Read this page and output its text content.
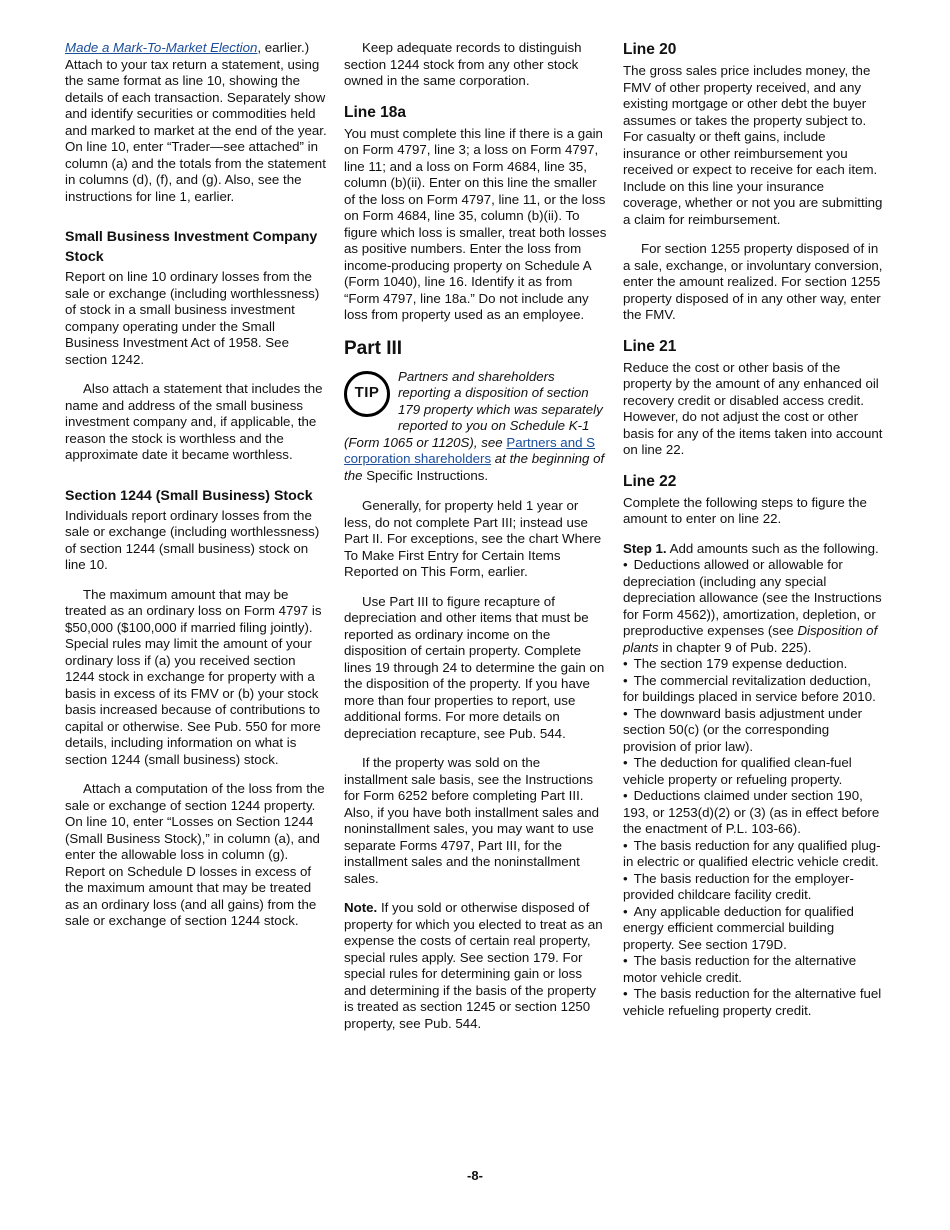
Made a Mark-To-Market Election, earlier.) Attach to your tax return a statement, using the same format as line 10, showing the details of each transaction. Separately show and identify securities or commodities held and marked to market at the end of the year. On line 10, enter “Trader—see attached” in column (a) and the totals from the statement in columns (d), (f), and (g). Also, see the instructions for line 1, earlier.

Small Business Investment Company Stock

Report on line 10 ordinary losses from the sale or exchange (including worthlessness) of stock in a small business investment company operating under the Small Business Investment Act of 1958. See section 1242.

Also attach a statement that includes the name and address of the small business investment company and, if applicable, the reason the stock is worthless and the approximate date it became worthless.

Section 1244 (Small Business) Stock

Individuals report ordinary losses from the sale or exchange (including worthlessness) of section 1244 (small business) stock on line 10.

The maximum amount that may be treated as an ordinary loss on Form 4797 is $50,000 ($100,000 if married filing jointly). Special rules may limit the amount of your ordinary loss if (a) you received section 1244 stock in exchange for property with a basis in excess of its FMV or (b) your stock basis increased because of contributions to capital or otherwise. See Pub. 550 for more details, including information on what is section 1244 (small business) stock.

Attach a computation of the loss from the sale or exchange of section 1244 property. On line 10, enter “Losses on Section 1244 (Small Business Stock),” in column (a), and enter the allowable loss in column (g). Report on Schedule D losses in excess of the maximum amount that may be treated as an ordinary loss (and all gains) from the sale or exchange of section 1244 stock.

Keep adequate records to distinguish section 1244 stock from any other stock owned in the same corporation.

Line 18a

You must complete this line if there is a gain on Form 4797, line 3; a loss on Form 4797, line 11; and a loss on Form 4684, line 35, column (b)(ii). Enter on this line the smaller of the loss on Form 4797, line 11, or the loss on Form 4684, line 35, column (b)(ii). To figure which loss is smaller, treat both losses as positive numbers. Enter the loss from income-producing property on Schedule A (Form 1040), line 16. Identify it as from “Form 4797, line 18a.” Do not include any loss from property used as an employee.

Part III
TIP
Partners and shareholders reporting a disposition of section 179 property which was separately reported to you on Schedule K-1 (Form 1065 or 1120S), see Partners and S corporation shareholders at the beginning of the Specific Instructions.

Generally, for property held 1 year or less, do not complete Part III; instead use Part II. For exceptions, see the chart Where To Make First Entry for Certain Items Reported on This Form, earlier.

Use Part III to figure recapture of depreciation and other items that must be reported as ordinary income on the disposition of certain property. Complete lines 19 through 24 to determine the gain on the disposition of the property. If you have more than four properties to report, use additional forms. For more details on depreciation recapture, see Pub. 544.

If the property was sold on the installment sale basis, see the Instructions for Form 6252 before completing Part III. Also, if you have both installment sales and noninstallment sales, you may want to use separate Forms 4797, Part III, for the installment sales and the noninstallment sales.

Note. If you sold or otherwise disposed of property for which you elected to treat as an expense the costs of certain real property, special rules apply. See section 179. For special rules for determining gain or loss and determining if the basis of the property is treated as section 1245 or section 1250 property, see Pub. 544.

Line 20

The gross sales price includes money, the FMV of other property received, and any existing mortgage or other debt the buyer assumes or takes the property subject to. For casualty or theft gains, include insurance or other reimbursement you received or expect to receive for each item. Include on this line your insurance coverage, whether or not you are submitting a claim for reimbursement.

For section 1255 property disposed of in a sale, exchange, or involuntary conversion, enter the amount realized. For section 1255 property disposed of in any other way, enter the FMV.

Line 21

Reduce the cost or other basis of the property by the amount of any enhanced oil recovery credit or disabled access credit. However, do not adjust the cost or other basis for any of the items taken into account on line 22.

Line 22

Complete the following steps to figure the amount to enter on line 22.

Step 1. Add amounts such as the following.

• Deductions allowed or allowable for depreciation (including any special depreciation allowance (see the Instructions for Form 4562)), amortization, depletion, or preproductive expenses (see Disposition of plants in chapter 9 of Pub. 225).

• The section 179 expense deduction.

• The commercial revitalization deduction, for buildings placed in service before 2010.

• The downward basis adjustment under section 50(c) (or the corresponding provision of prior law).

• The deduction for qualified clean-fuel vehicle property or refueling property.

• Deductions claimed under section 190, 193, or 1253(d)(2) or (3) (as in effect before the enactment of P.L. 103-66).

• The basis reduction for any qualified plug-in electric or qualified electric vehicle credit.

• The basis reduction for the employer-provided childcare facility credit.

• Any applicable deduction for qualified energy efficient commercial building property. See section 179D.

• The basis reduction for the alternative motor vehicle credit.

• The basis reduction for the alternative fuel vehicle refueling property credit.

-8-
